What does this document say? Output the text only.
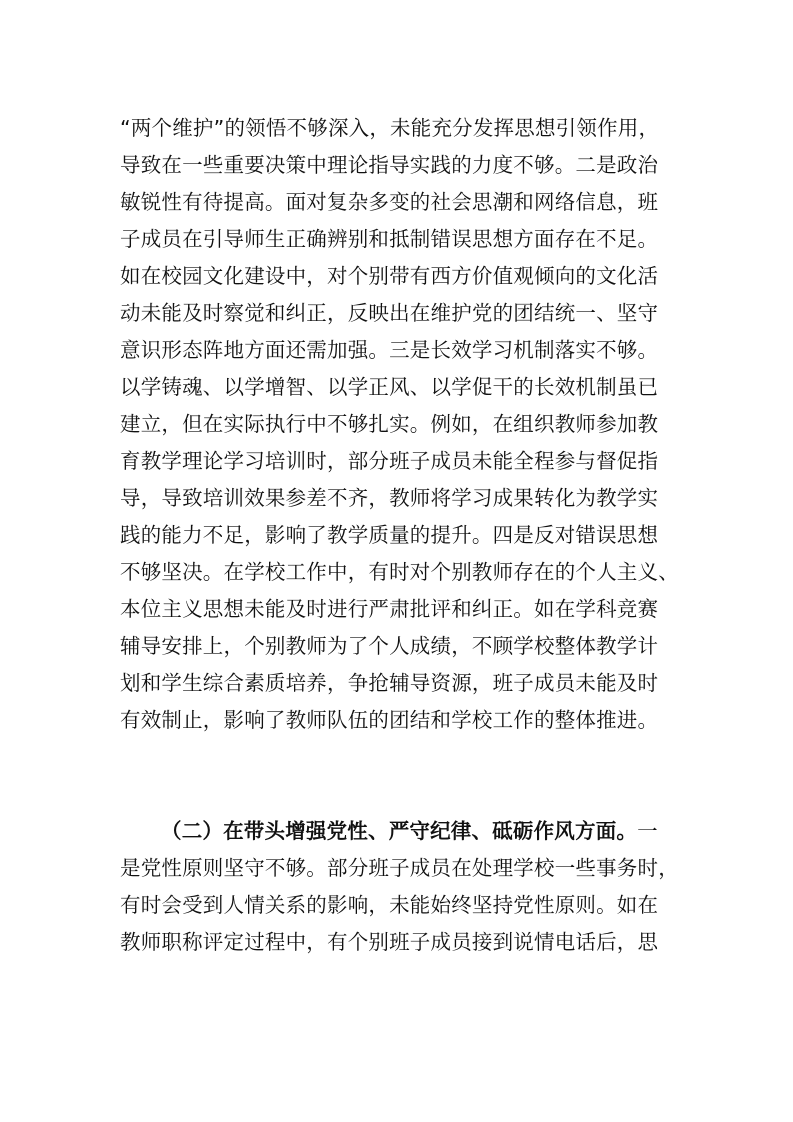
“两个维护”的领悟不够深入，未能充分发挥思想引领作用，
导致在一些重要决策中理论指导实践的力度不够。二是政治
敏锐性有待提高。面对复杂多变的社会思潮和网络信息，班
子成员在引导师生正确辨别和抵制错误思想方面存在不足。
如在校园文化建设中，对个别带有西方价值观倾向的文化活
动未能及时察觉和纠正，反映出在维护党的团结统一、坚守
意识形态阵地方面还需加强。三是长效学习机制落实不够。
以学铸魂、以学增智、以学正风、以学促干的长效机制虽已
建立，但在实际执行中不够扎实。例如，在组织教师参加教
育教学理论学习培训时，部分班子成员未能全程参与督促指
导，导致培训效果参差不齐，教师将学习成果转化为教学实
践的能力不足，影响了教学质量的提升。四是反对错误思想
不够坚决。在学校工作中，有时对个别教师存在的个人主义、
本位主义思想未能及时进行严肃批评和纠正。如在学科竞赛
辅导安排上，个别教师为了个人成绩，不顾学校整体教学计
划和学生综合素质培养，争抢辅导资源，班子成员未能及时
有效制止，影响了教师队伍的团结和学校工作的整体推进。
（二）在带头增强党性、严守纪律、砥砺作风方面。一
是党性原则坚守不够。部分班子成员在处理学校一些事务时，
有时会受到人情关系的影响，未能始终坚持党性原则。如在
教师职称评定过程中，有个别班子成员接到说情电话后，思
